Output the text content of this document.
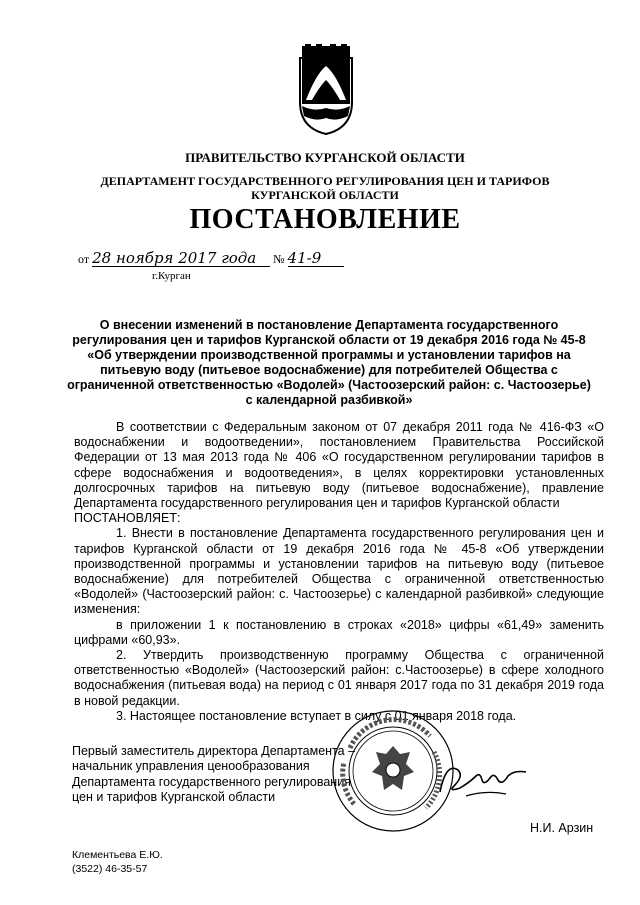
ПРАВИТЕЛЬСТВО КУРГАНСКОЙ ОБЛАСТИ
ДЕПАРТАМЕНТ ГОСУДАРСТВЕННОГО РЕГУЛИРОВАНИЯ ЦЕН И ТАРИФОВ
КУРГАНСКОЙ ОБЛАСТИ
ПОСТАНОВЛЕНИЕ
от 28 ноября 2017 года № 41-9
г.Курган
О внесении изменений в постановление Департамента государственного регулирования цен и тарифов Курганской области от 19 декабря 2016 года № 45-8 «Об утверждении производственной программы и установлении тарифов на питьевую воду (питьевое водоснабжение) для потребителей Общества с ограниченной ответственностью «Водолей» (Частоозерский район: с. Частоозерье) с календарной разбивкой»

В соответствии с Федеральным законом от 07 декабря 2011 года № 416-ФЗ «О водоснабжении и водоотведении», постановлением Правительства Российской Федерации от 13 мая 2013 года № 406 «О государственном регулировании тарифов в сфере водоснабжения и водоотведения», в целях корректировки установленных долгосрочных тарифов на питьевую воду (питьевое водоснабжение), правление Департамента государственного регулирования цен и тарифов Курганской области

ПОСТАНОВЛЯЕТ:

1. Внести в постановление Департамента государственного регулирования цен и тарифов Курганской области от 19 декабря 2016 года № 45-8 «Об утверждении производственной программы и установлении тарифов на питьевую воду (питьевое водоснабжение) для потребителей Общества с ограниченной ответственностью «Водолей» (Частоозерский район: с. Частоозерье) с календарной разбивкой» следующие изменения:

в приложении 1 к постановлению в строках «2018» цифры «61,49» заменить цифрами «60,93».

2. Утвердить производственную программу Общества с ограниченной ответственностью «Водолей» (Частоозерский район: с.Частоозерье) в сфере холодного водоснабжения (питьевая вода) на период с 01 января 2017 года по 31 декабря 2019 года в новой редакции.

3. Настоящее постановление вступает в силу с 01 января 2018 года.

Первый заместитель директора Департамента –
начальник управления ценообразования
Департамента государственного регулирования
цен и тарифов Курганской области
Н.И. Арзин
Клементьева Е.Ю.
(3522) 46-35-57
